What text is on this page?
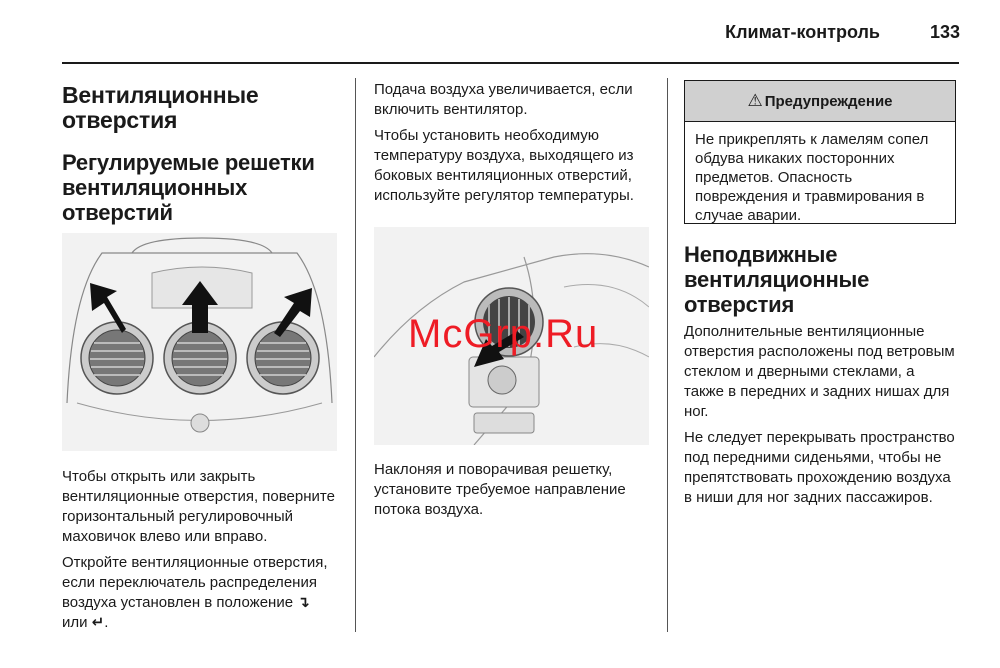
Климат-контроль	133
Вентиляционные отверстия
Регулируемые решетки вентиляционных отверстий

Чтобы открыть или закрыть вентиляционные отверстия, поверните горизонтальный регулировочный маховичок влево или вправо.

Откройте вентиляционные отверстия, если переключатель распределения воздуха установлен в положение ↴ или ↵.

Подача воздуха увеличивается, если включить вентилятор.

Чтобы установить необходимую температуру воздуха, выходящего из боковых вентиляционных отверстий, используйте регулятор температуры.

McGrp.Ru
Наклоняя и поворачивая решетку, установите требуемое направление потока воздуха.
⚠ Предупреждение
Не прикреплять к ламелям сопел обдува никаких посторонних предметов. Опасность повреждения и травмирования в случае аварии.
Неподвижные вентиляционные отверстия

Дополнительные вентиляционные отверстия расположены под ветровым стеклом и дверными стеклами, а также в передних и задних нишах для ног.

Не следует перекрывать пространство под передними сиденьями, чтобы не препятствовать прохождению воздуха в ниши для ног задних пассажиров.
